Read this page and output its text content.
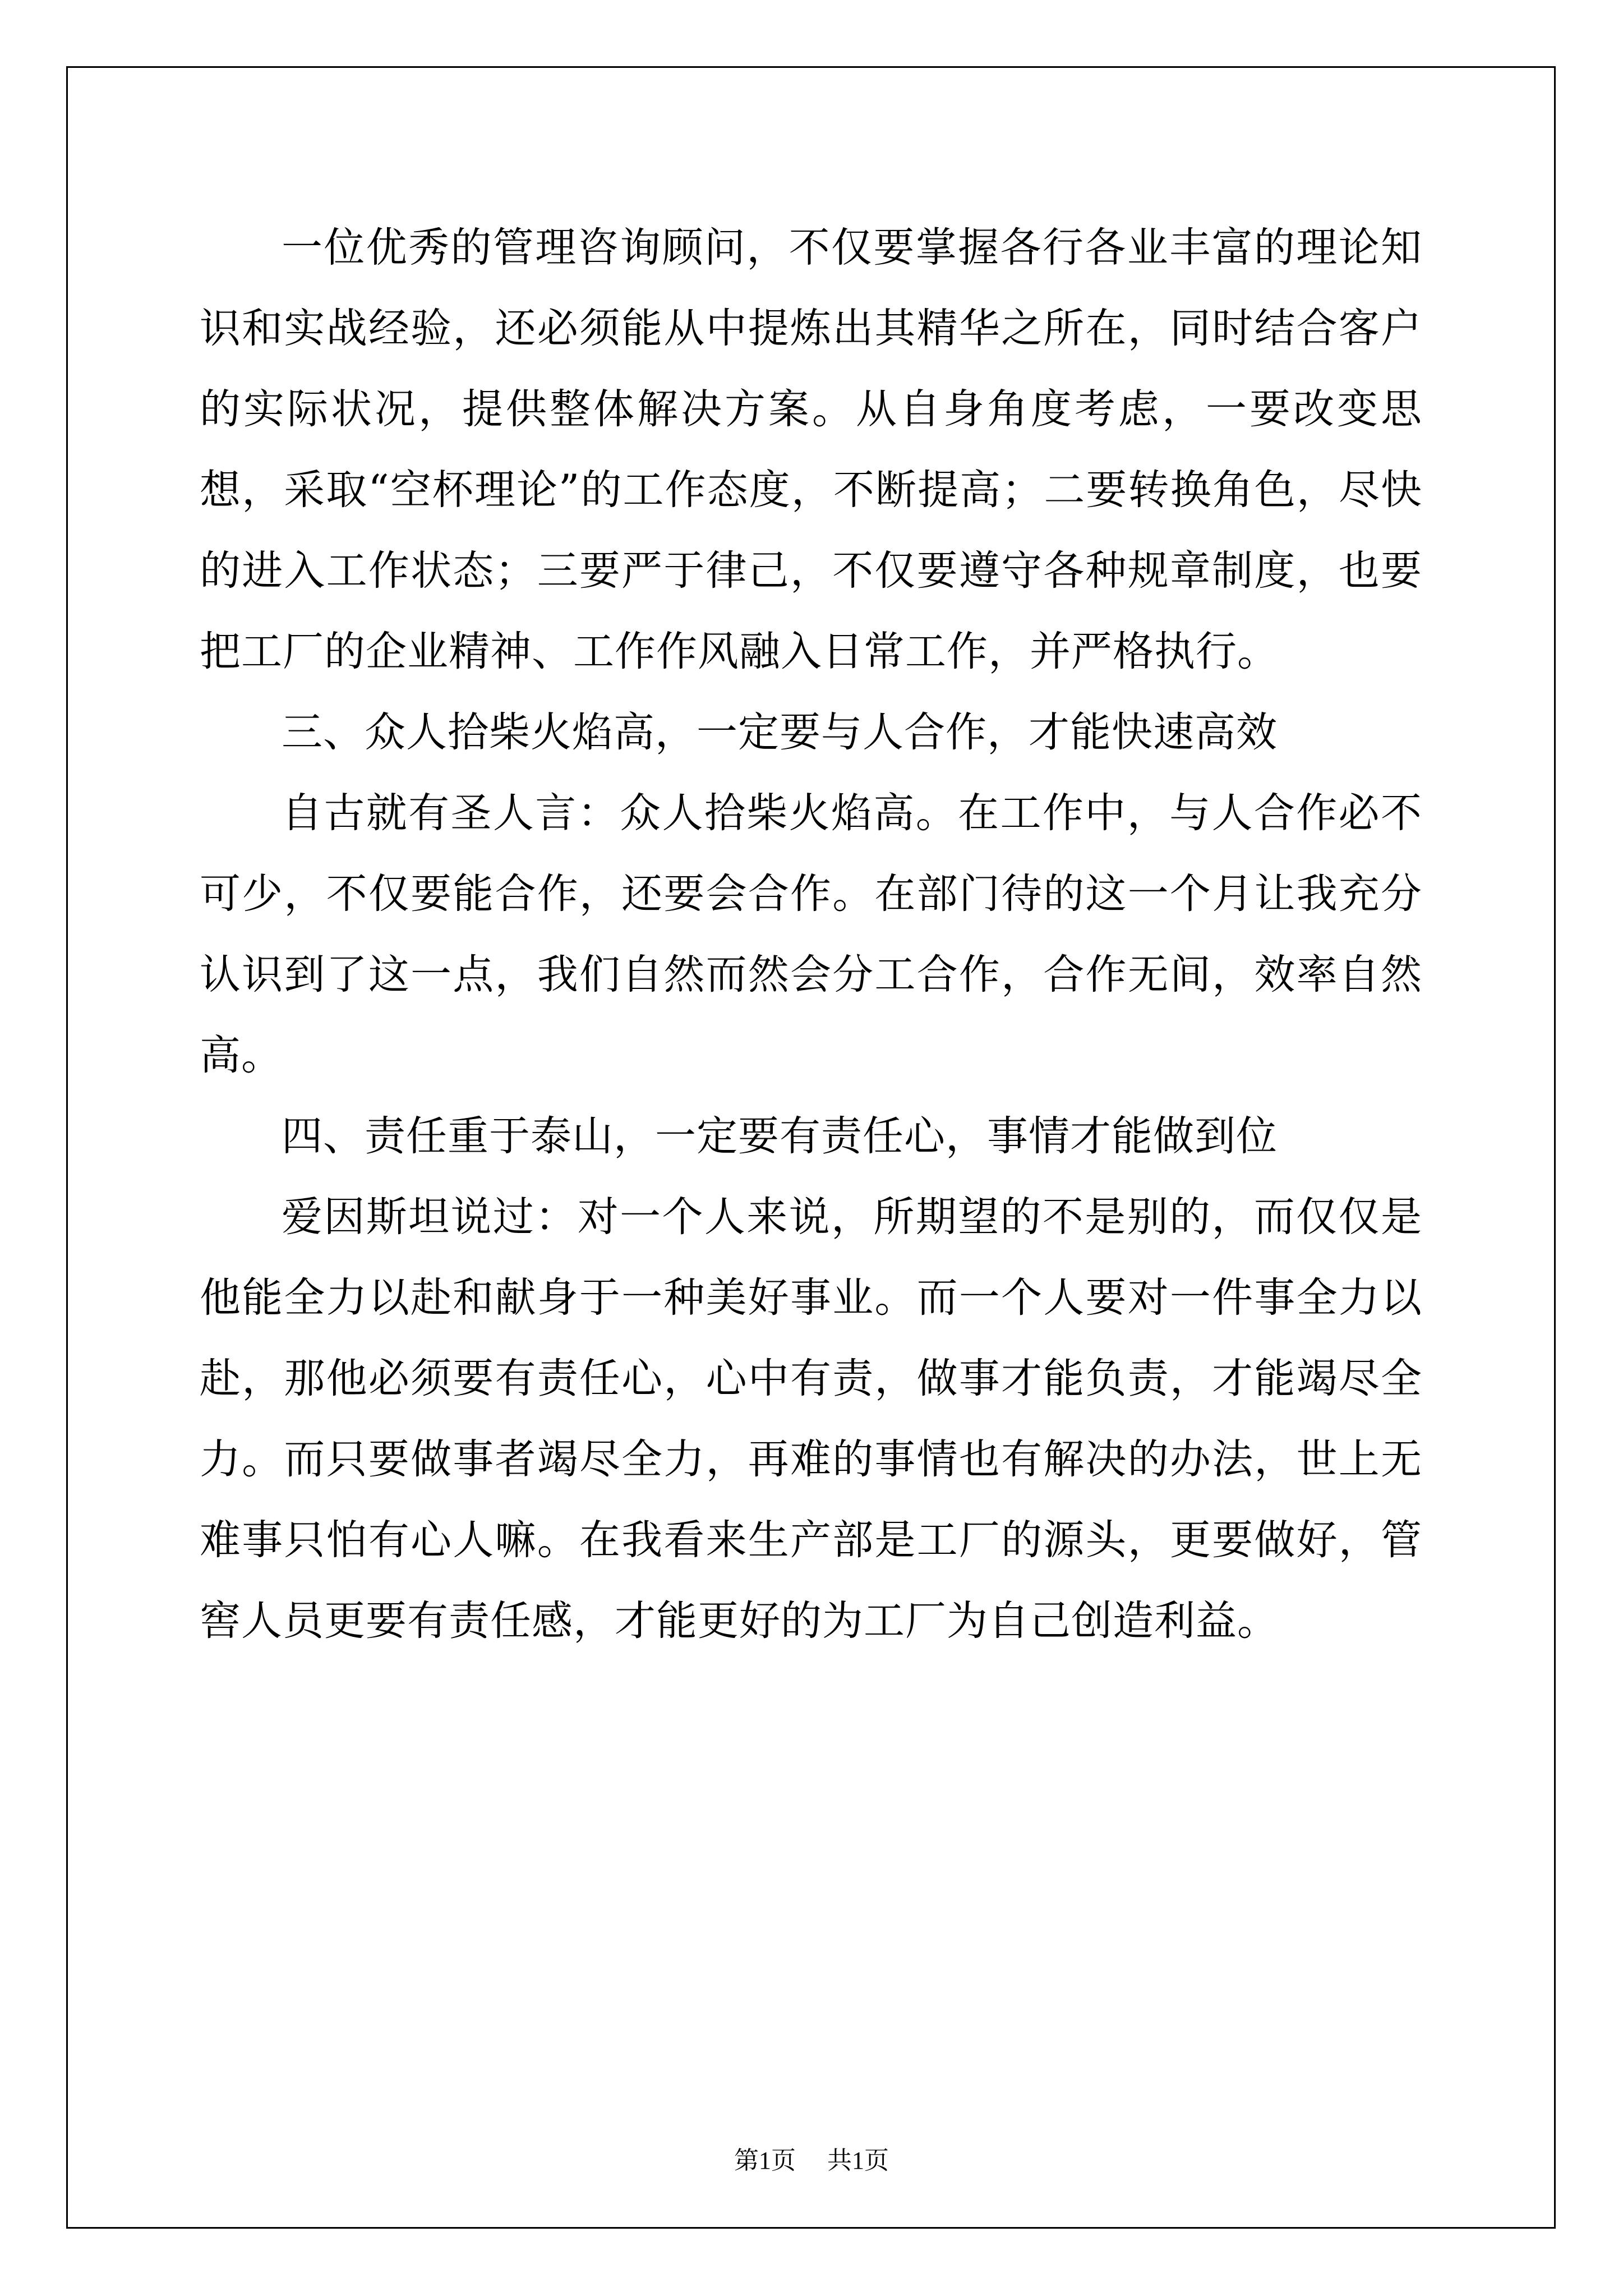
一位优秀的管理咨询顾问，不仅要掌握各行各业丰富的理论知识和实战经验，还必须能从中提炼出其精华之所在，同时结合客户的实际状况，提供整体解决方案。从自身角度考虑，一要改变思想，采取“空杯理论”的工作态度，不断提高；二要转换角色，尽快的进入工作状态；三要严于律己，不仅要遵守各种规章制度，也要把工厂的企业精神、工作作风融入日常工作，并严格执行。

三、众人拾柴火焰高，一定要与人合作，才能快速高效

自古就有圣人言：众人拾柴火焰高。在工作中，与人合作必不可少，不仅要能合作，还要会合作。在部门待的这一个月让我充分认识到了这一点，我们自然而然会分工合作，合作无间，效率自然高。

四、责任重于泰山，一定要有责任心，事情才能做到位

爱因斯坦说过：对一个人来说，所期望的不是别的，而仅仅是他能全力以赴和献身于一种美好事业。而一个人要对一件事全力以赴，那他必须要有责任心，心中有责，做事才能负责，才能竭尽全力。而只要做事者竭尽全力，再难的事情也有解决的办法，世上无难事只怕有心人嘛。在我看来生产部是工厂的源头，更要做好，管窖人员更要有责任感，才能更好的为工厂为自己创造利益。

第1页 共1页
